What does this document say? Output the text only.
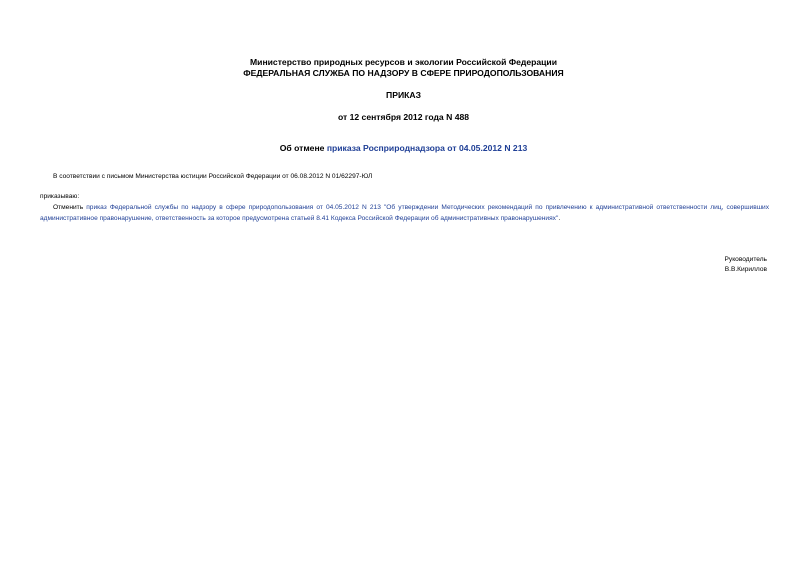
Министерство природных ресурсов и экологии Российской Федерации
ФЕДЕРАЛЬНАЯ СЛУЖБА ПО НАДЗОРУ В СФЕРЕ ПРИРОДОПОЛЬЗОВАНИЯ
ПРИКАЗ
от 12 сентября 2012 года N 488
Об отмене приказа Росприроднадзора от 04.05.2012 N 213
В соответствии с письмом Министерства юстиции Российской Федерации от 06.08.2012 N 01/62297-ЮЛ
приказываю:
Отменить приказ Федеральной службы по надзору в сфере природопользования от 04.05.2012 N 213 "Об утверждении Методических рекомендаций по привлечению к административной ответственности лиц, совершивших административное правонарушение, ответственность за которое предусмотрена статьей 8.41 Кодекса Российской Федерации об административных правонарушениях".
Руководитель
В.В.Кириллов
